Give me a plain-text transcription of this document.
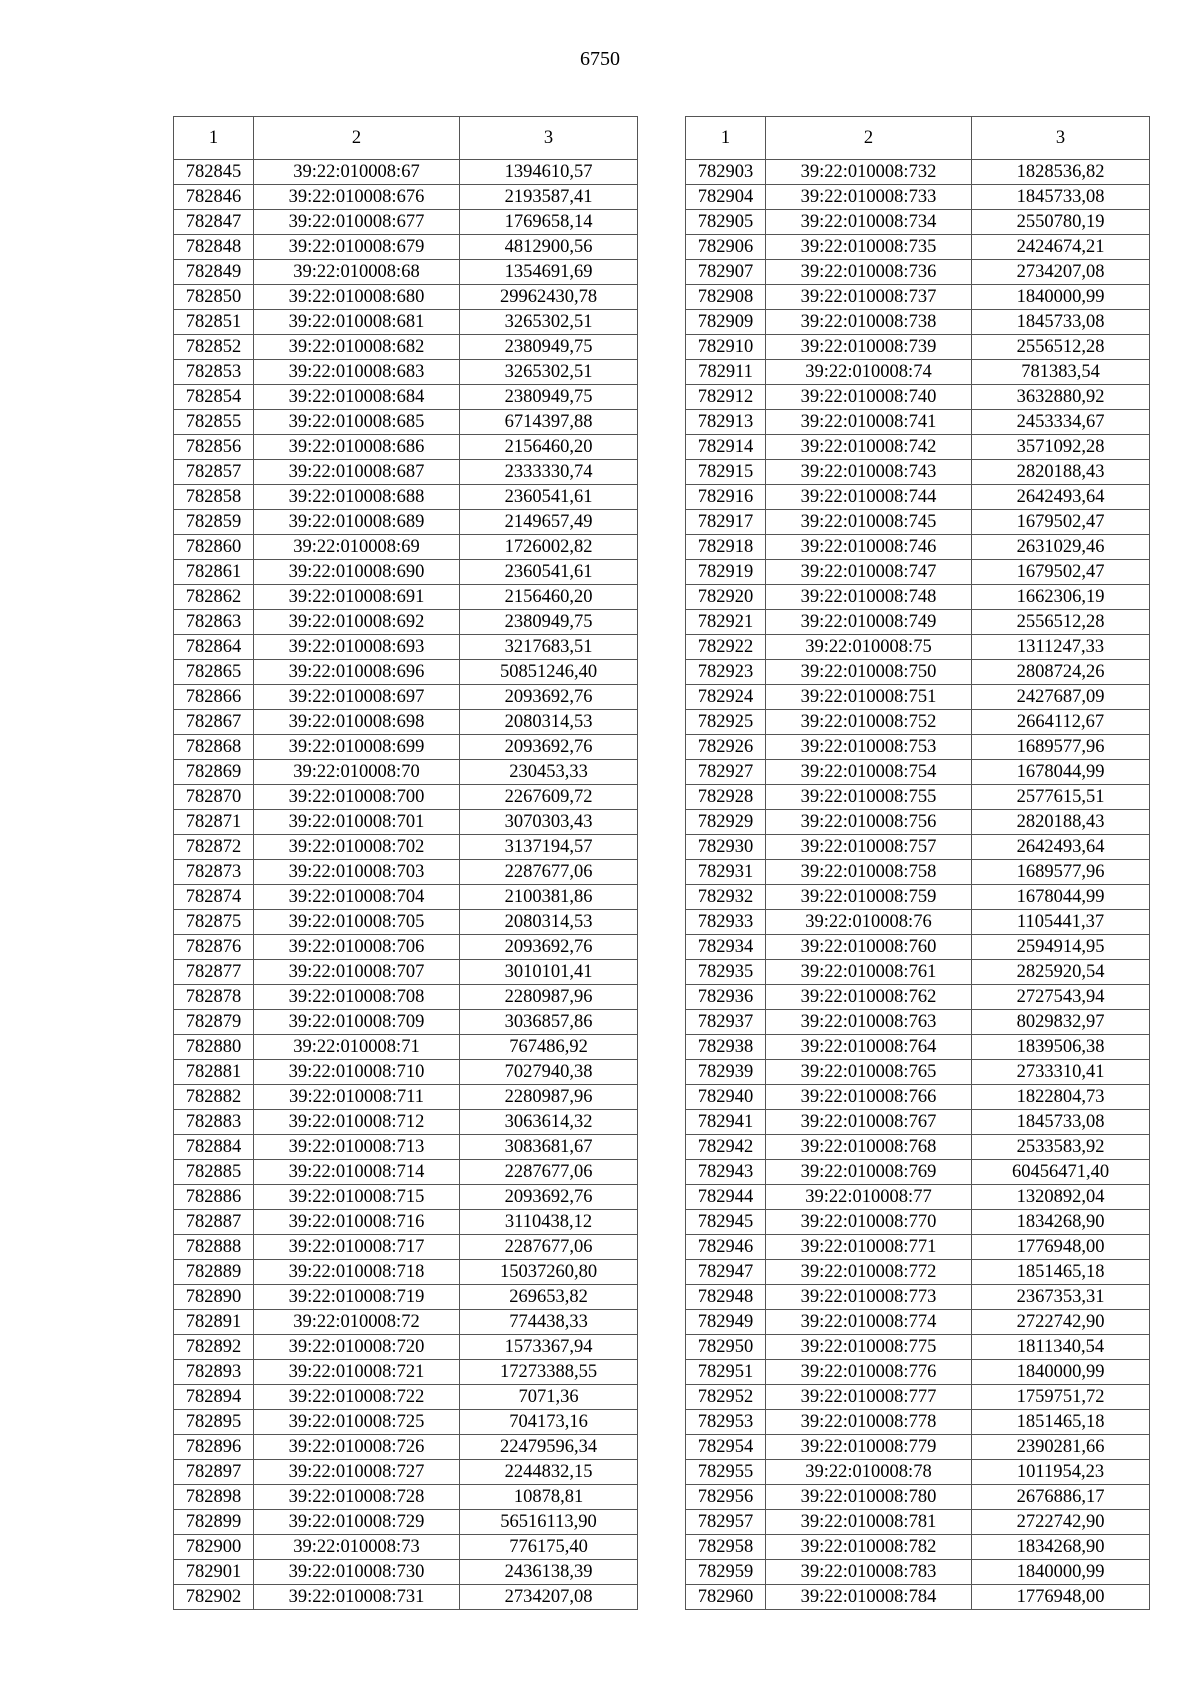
6750
1	2	3
782845	39:22:010008:67	1394610,57
782846	39:22:010008:676	2193587,41
782847	39:22:010008:677	1769658,14
782848	39:22:010008:679	4812900,56
782849	39:22:010008:68	1354691,69
782850	39:22:010008:680	29962430,78
782851	39:22:010008:681	3265302,51
782852	39:22:010008:682	2380949,75
782853	39:22:010008:683	3265302,51
782854	39:22:010008:684	2380949,75
782855	39:22:010008:685	6714397,88
782856	39:22:010008:686	2156460,20
782857	39:22:010008:687	2333330,74
782858	39:22:010008:688	2360541,61
782859	39:22:010008:689	2149657,49
782860	39:22:010008:69	1726002,82
782861	39:22:010008:690	2360541,61
782862	39:22:010008:691	2156460,20
782863	39:22:010008:692	2380949,75
782864	39:22:010008:693	3217683,51
782865	39:22:010008:696	50851246,40
782866	39:22:010008:697	2093692,76
782867	39:22:010008:698	2080314,53
782868	39:22:010008:699	2093692,76
782869	39:22:010008:70	230453,33
782870	39:22:010008:700	2267609,72
782871	39:22:010008:701	3070303,43
782872	39:22:010008:702	3137194,57
782873	39:22:010008:703	2287677,06
782874	39:22:010008:704	2100381,86
782875	39:22:010008:705	2080314,53
782876	39:22:010008:706	2093692,76
782877	39:22:010008:707	3010101,41
782878	39:22:010008:708	2280987,96
782879	39:22:010008:709	3036857,86
782880	39:22:010008:71	767486,92
782881	39:22:010008:710	7027940,38
782882	39:22:010008:711	2280987,96
782883	39:22:010008:712	3063614,32
782884	39:22:010008:713	3083681,67
782885	39:22:010008:714	2287677,06
782886	39:22:010008:715	2093692,76
782887	39:22:010008:716	3110438,12
782888	39:22:010008:717	2287677,06
782889	39:22:010008:718	15037260,80
782890	39:22:010008:719	269653,82
782891	39:22:010008:72	774438,33
782892	39:22:010008:720	1573367,94
782893	39:22:010008:721	17273388,55
782894	39:22:010008:722	7071,36
782895	39:22:010008:725	704173,16
782896	39:22:010008:726	22479596,34
782897	39:22:010008:727	2244832,15
782898	39:22:010008:728	10878,81
782899	39:22:010008:729	56516113,90
782900	39:22:010008:73	776175,40
782901	39:22:010008:730	2436138,39
782902	39:22:010008:731	2734207,08
1	2	3
782903	39:22:010008:732	1828536,82
782904	39:22:010008:733	1845733,08
782905	39:22:010008:734	2550780,19
782906	39:22:010008:735	2424674,21
782907	39:22:010008:736	2734207,08
782908	39:22:010008:737	1840000,99
782909	39:22:010008:738	1845733,08
782910	39:22:010008:739	2556512,28
782911	39:22:010008:74	781383,54
782912	39:22:010008:740	3632880,92
782913	39:22:010008:741	2453334,67
782914	39:22:010008:742	3571092,28
782915	39:22:010008:743	2820188,43
782916	39:22:010008:744	2642493,64
782917	39:22:010008:745	1679502,47
782918	39:22:010008:746	2631029,46
782919	39:22:010008:747	1679502,47
782920	39:22:010008:748	1662306,19
782921	39:22:010008:749	2556512,28
782922	39:22:010008:75	1311247,33
782923	39:22:010008:750	2808724,26
782924	39:22:010008:751	2427687,09
782925	39:22:010008:752	2664112,67
782926	39:22:010008:753	1689577,96
782927	39:22:010008:754	1678044,99
782928	39:22:010008:755	2577615,51
782929	39:22:010008:756	2820188,43
782930	39:22:010008:757	2642493,64
782931	39:22:010008:758	1689577,96
782932	39:22:010008:759	1678044,99
782933	39:22:010008:76	1105441,37
782934	39:22:010008:760	2594914,95
782935	39:22:010008:761	2825920,54
782936	39:22:010008:762	2727543,94
782937	39:22:010008:763	8029832,97
782938	39:22:010008:764	1839506,38
782939	39:22:010008:765	2733310,41
782940	39:22:010008:766	1822804,73
782941	39:22:010008:767	1845733,08
782942	39:22:010008:768	2533583,92
782943	39:22:010008:769	60456471,40
782944	39:22:010008:77	1320892,04
782945	39:22:010008:770	1834268,90
782946	39:22:010008:771	1776948,00
782947	39:22:010008:772	1851465,18
782948	39:22:010008:773	2367353,31
782949	39:22:010008:774	2722742,90
782950	39:22:010008:775	1811340,54
782951	39:22:010008:776	1840000,99
782952	39:22:010008:777	1759751,72
782953	39:22:010008:778	1851465,18
782954	39:22:010008:779	2390281,66
782955	39:22:010008:78	1011954,23
782956	39:22:010008:780	2676886,17
782957	39:22:010008:781	2722742,90
782958	39:22:010008:782	1834268,90
782959	39:22:010008:783	1840000,99
782960	39:22:010008:784	1776948,00
